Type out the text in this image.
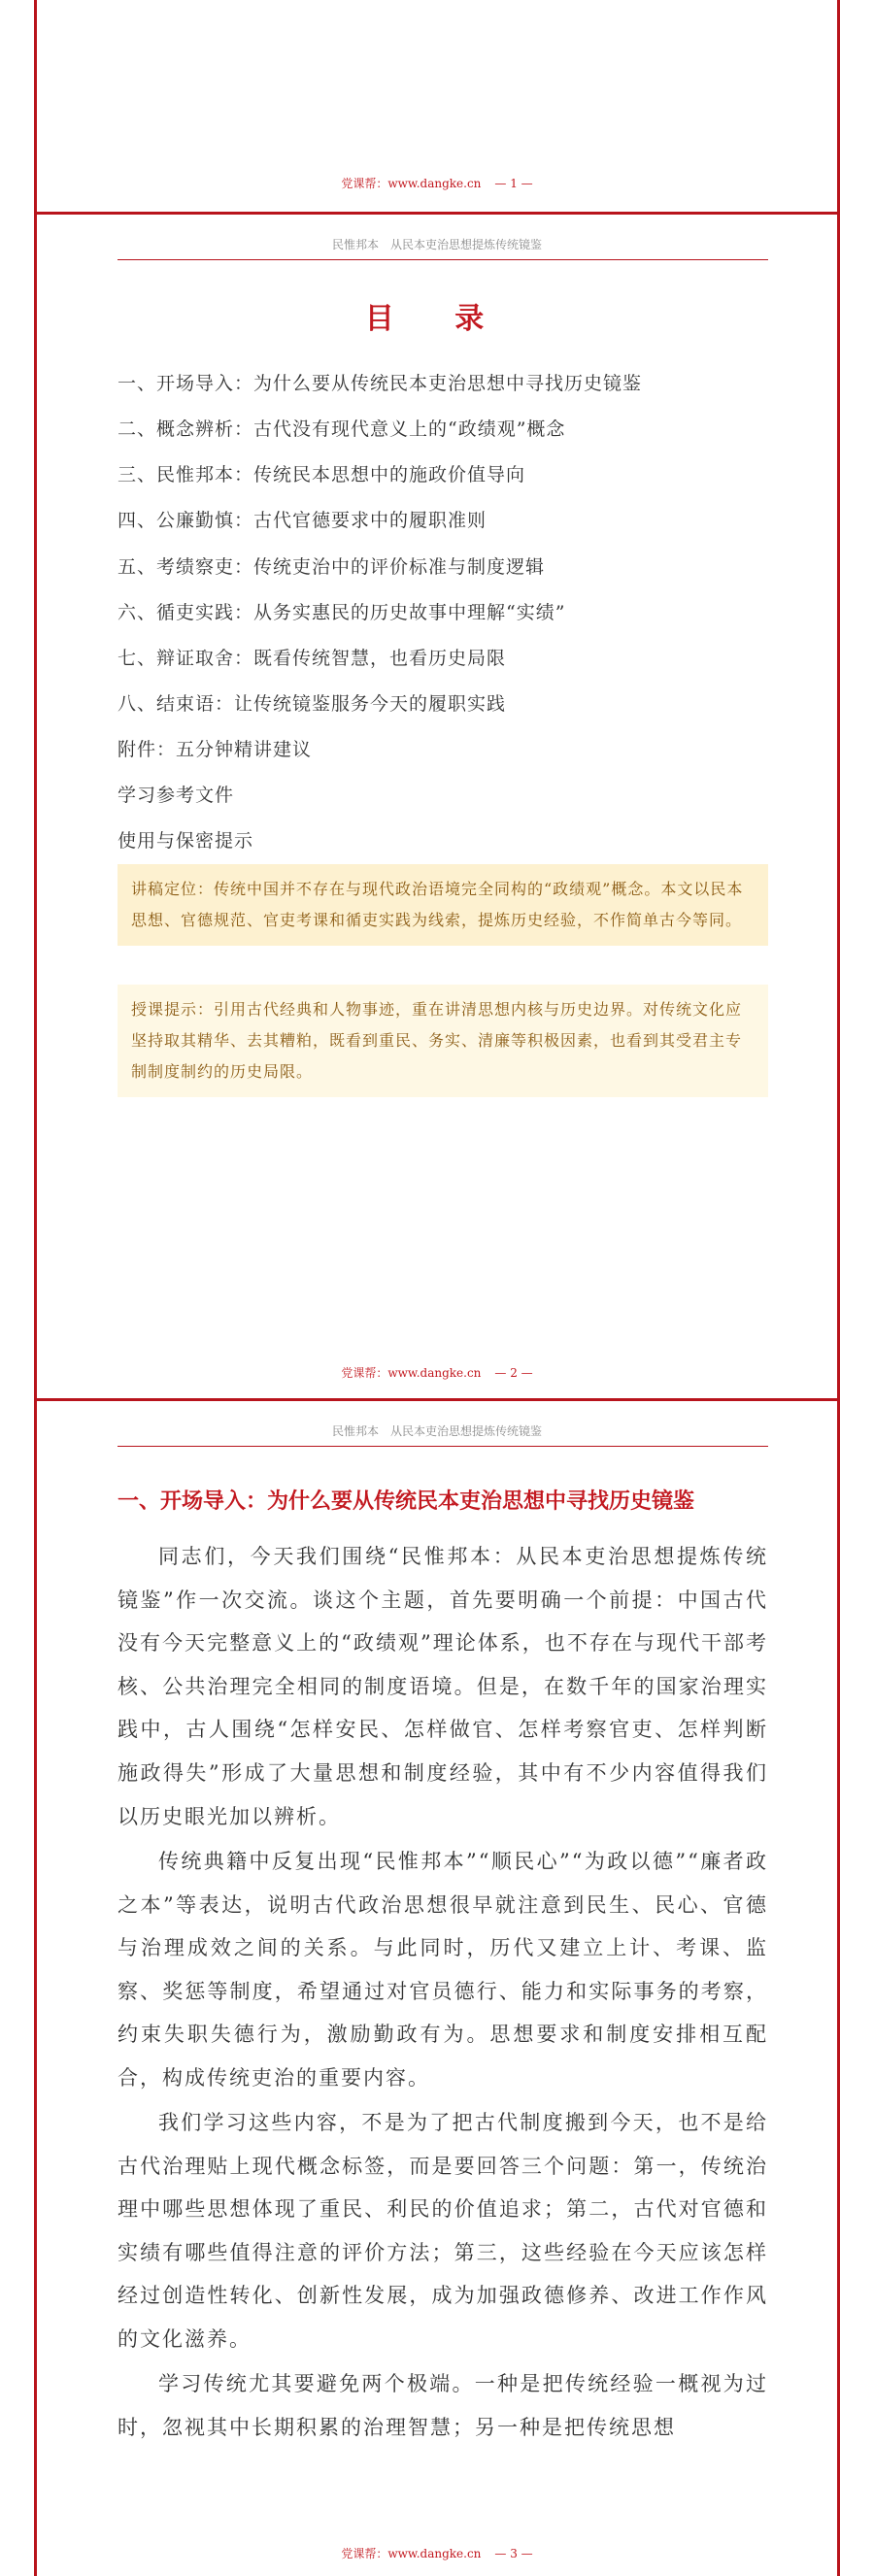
党课帮：www.dangke.cn — 1 —
民惟邦本　从民本吏治思想提炼传统镜鉴
目 录
一、开场导入：为什么要从传统民本吏治思想中寻找历史镜鉴
二、概念辨析：古代没有现代意义上的“政绩观”概念
三、民惟邦本：传统民本思想中的施政价值导向
四、公廉勤慎：古代官德要求中的履职准则
五、考绩察吏：传统吏治中的评价标准与制度逻辑
六、循吏实践：从务实惠民的历史故事中理解“实绩”
七、辩证取舍：既看传统智慧，也看历史局限
八、结束语：让传统镜鉴服务今天的履职实践
附件：五分钟精讲建议
学习参考文件
使用与保密提示
讲稿定位：传统中国并不存在与现代政治语境完全同构的“政绩观”概念。本文以民本思想、官德规范、官吏考课和循吏实践为线索，提炼历史经验，不作简单古今等同。
授课提示：引用古代经典和人物事迹，重在讲清思想内核与历史边界。对传统文化应坚持取其精华、去其糟粕，既看到重民、务实、清廉等积极因素，也看到其受君主专制制度制约的历史局限。
党课帮：www.dangke.cn — 2 —
民惟邦本　从民本吏治思想提炼传统镜鉴
一、开场导入：为什么要从传统民本吏治思想中寻找历史镜鉴

同志们，今天我们围绕“民惟邦本：从民本吏治思想提炼传统镜鉴”作一次交流。谈这个主题，首先要明确一个前提：中国古代没有今天完整意义上的“政绩观”理论体系，也不存在与现代干部考核、公共治理完全相同的制度语境。但是，在数千年的国家治理实践中，古人围绕“怎样安民、怎样做官、怎样考察官吏、怎样判断施政得失”形成了大量思想和制度经验，其中有不少内容值得我们以历史眼光加以辨析。

传统典籍中反复出现“民惟邦本”“顺民心”“为政以德”“廉者政之本”等表达，说明古代政治思想很早就注意到民生、民心、官德与治理成效之间的关系。与此同时，历代又建立上计、考课、监察、奖惩等制度，希望通过对官员德行、能力和实际事务的考察，约束失职失德行为，激励勤政有为。思想要求和制度安排相互配合，构成传统吏治的重要内容。

我们学习这些内容，不是为了把古代制度搬到今天，也不是给古代治理贴上现代概念标签，而是要回答三个问题：第一，传统治理中哪些思想体现了重民、利民的价值追求；第二，古代对官德和实绩有哪些值得注意的评价方法；第三，这些经验在今天应该怎样经过创造性转化、创新性发展，成为加强政德修养、改进工作作风的文化滋养。

学习传统尤其要避免两个极端。一种是把传统经验一概视为过时，忽视其中长期积累的治理智慧；另一种是把传统思想

党课帮：www.dangke.cn — 3 —
